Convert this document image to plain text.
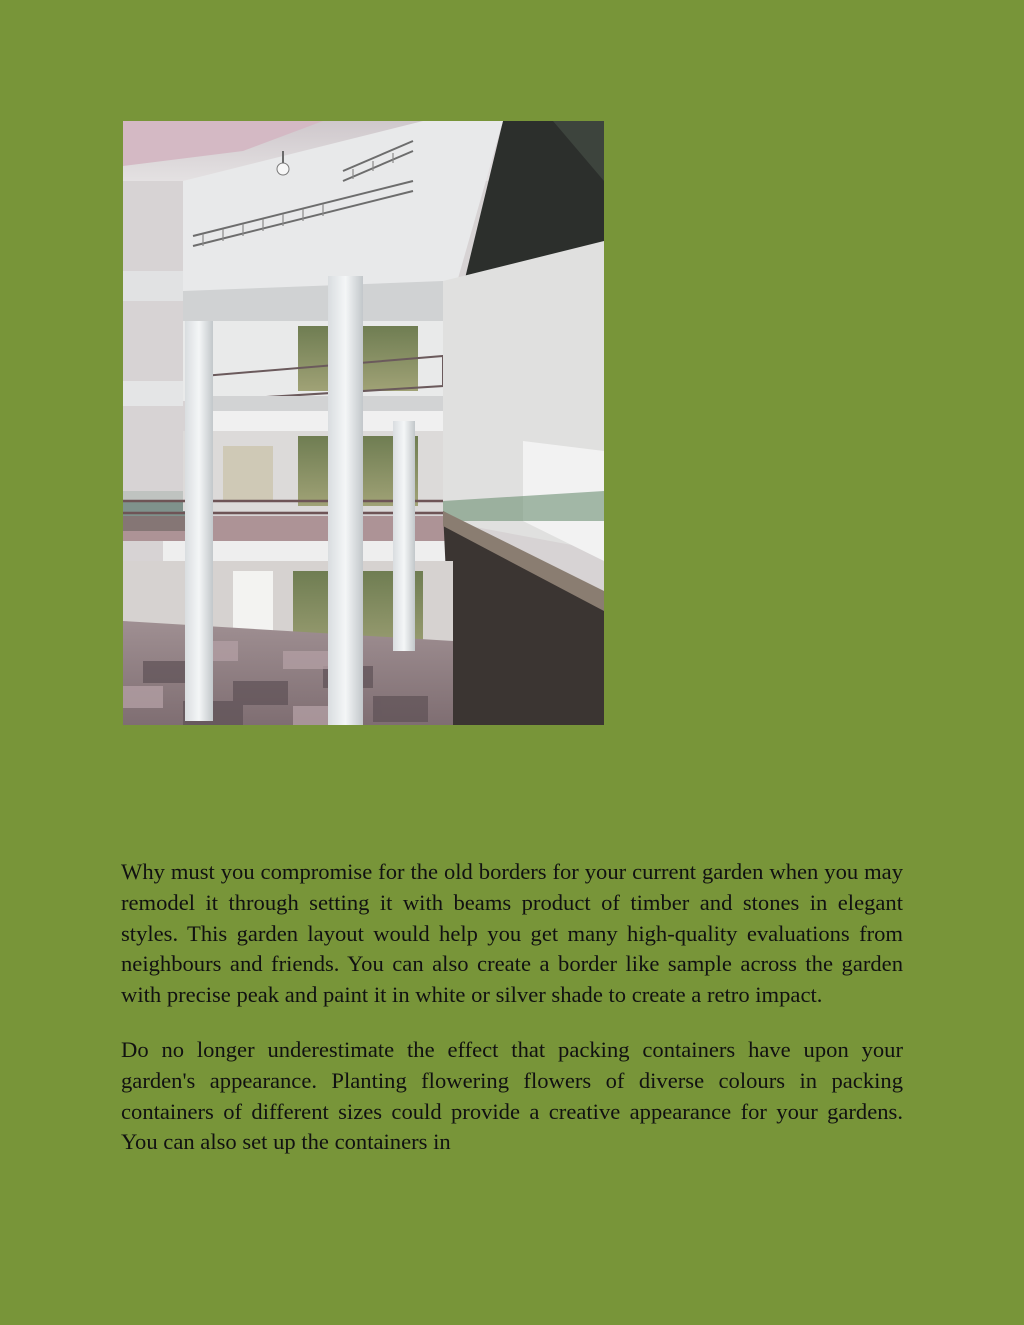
Why must you compromise for the old borders for your current garden when you may remodel it through setting it with beams product of timber and stones in elegant styles. This garden layout would help you get many high-quality evaluations from neighbours and friends. You can also create a border like sample across the garden with precise peak and paint it in white or silver shade to create a retro impact.

Do no longer underestimate the effect that packing containers have upon your garden's appearance. Planting flowering flowers of diverse colours in packing containers of different sizes could provide a creative appearance for your gardens. You can also set up the containers in
